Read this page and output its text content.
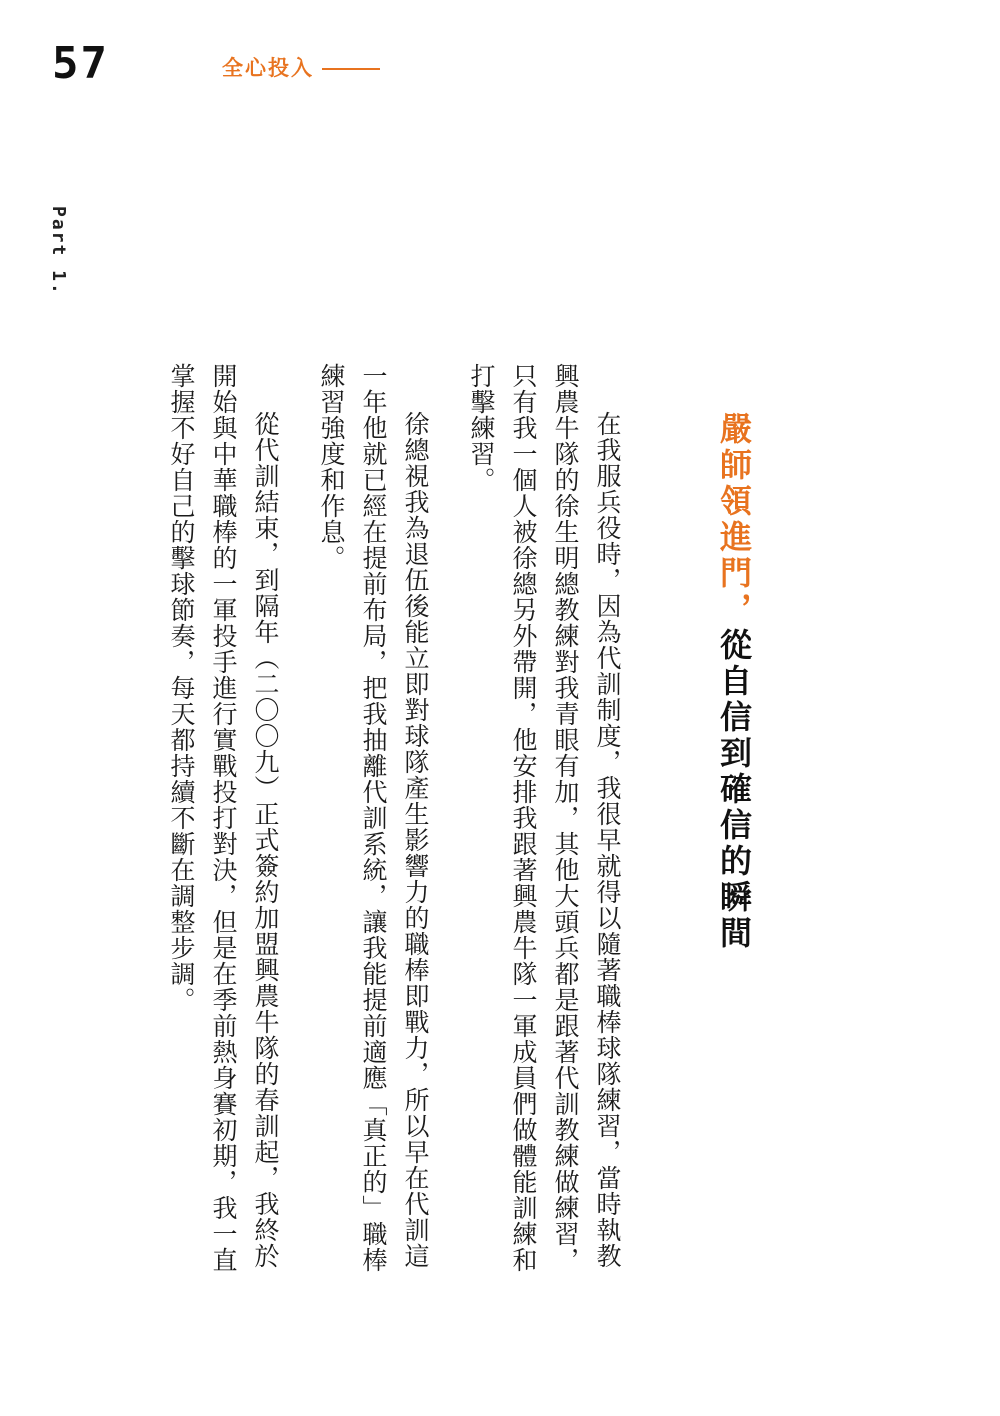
57	全心投入
Part 1.
嚴師領進門，從自信到確信的瞬間

在我服兵役時，因為代訓制度，我很早就得以隨著職棒球隊練習，當時執教興農牛隊的徐生明總教練對我青眼有加，其他大頭兵都是跟著代訓教練做練習，只有我一個人被徐總另外帶開，他安排我跟著興農牛隊一軍成員們做體能訓練和打擊練習。

徐總視我為退伍後能立即對球隊產生影響力的職棒即戰力，所以早在代訓這一年他就已經在提前布局，把我抽離代訓系統，讓我能提前適應「真正的」職棒練習強度和作息。

從代訓結束，到隔年（二〇〇九）正式簽約加盟興農牛隊的春訓起，我終於開始與中華職棒的一軍投手進行實戰投打對決，但是在季前熱身賽初期，我一直掌握不好自己的擊球節奏，每天都持續不斷在調整步調。
